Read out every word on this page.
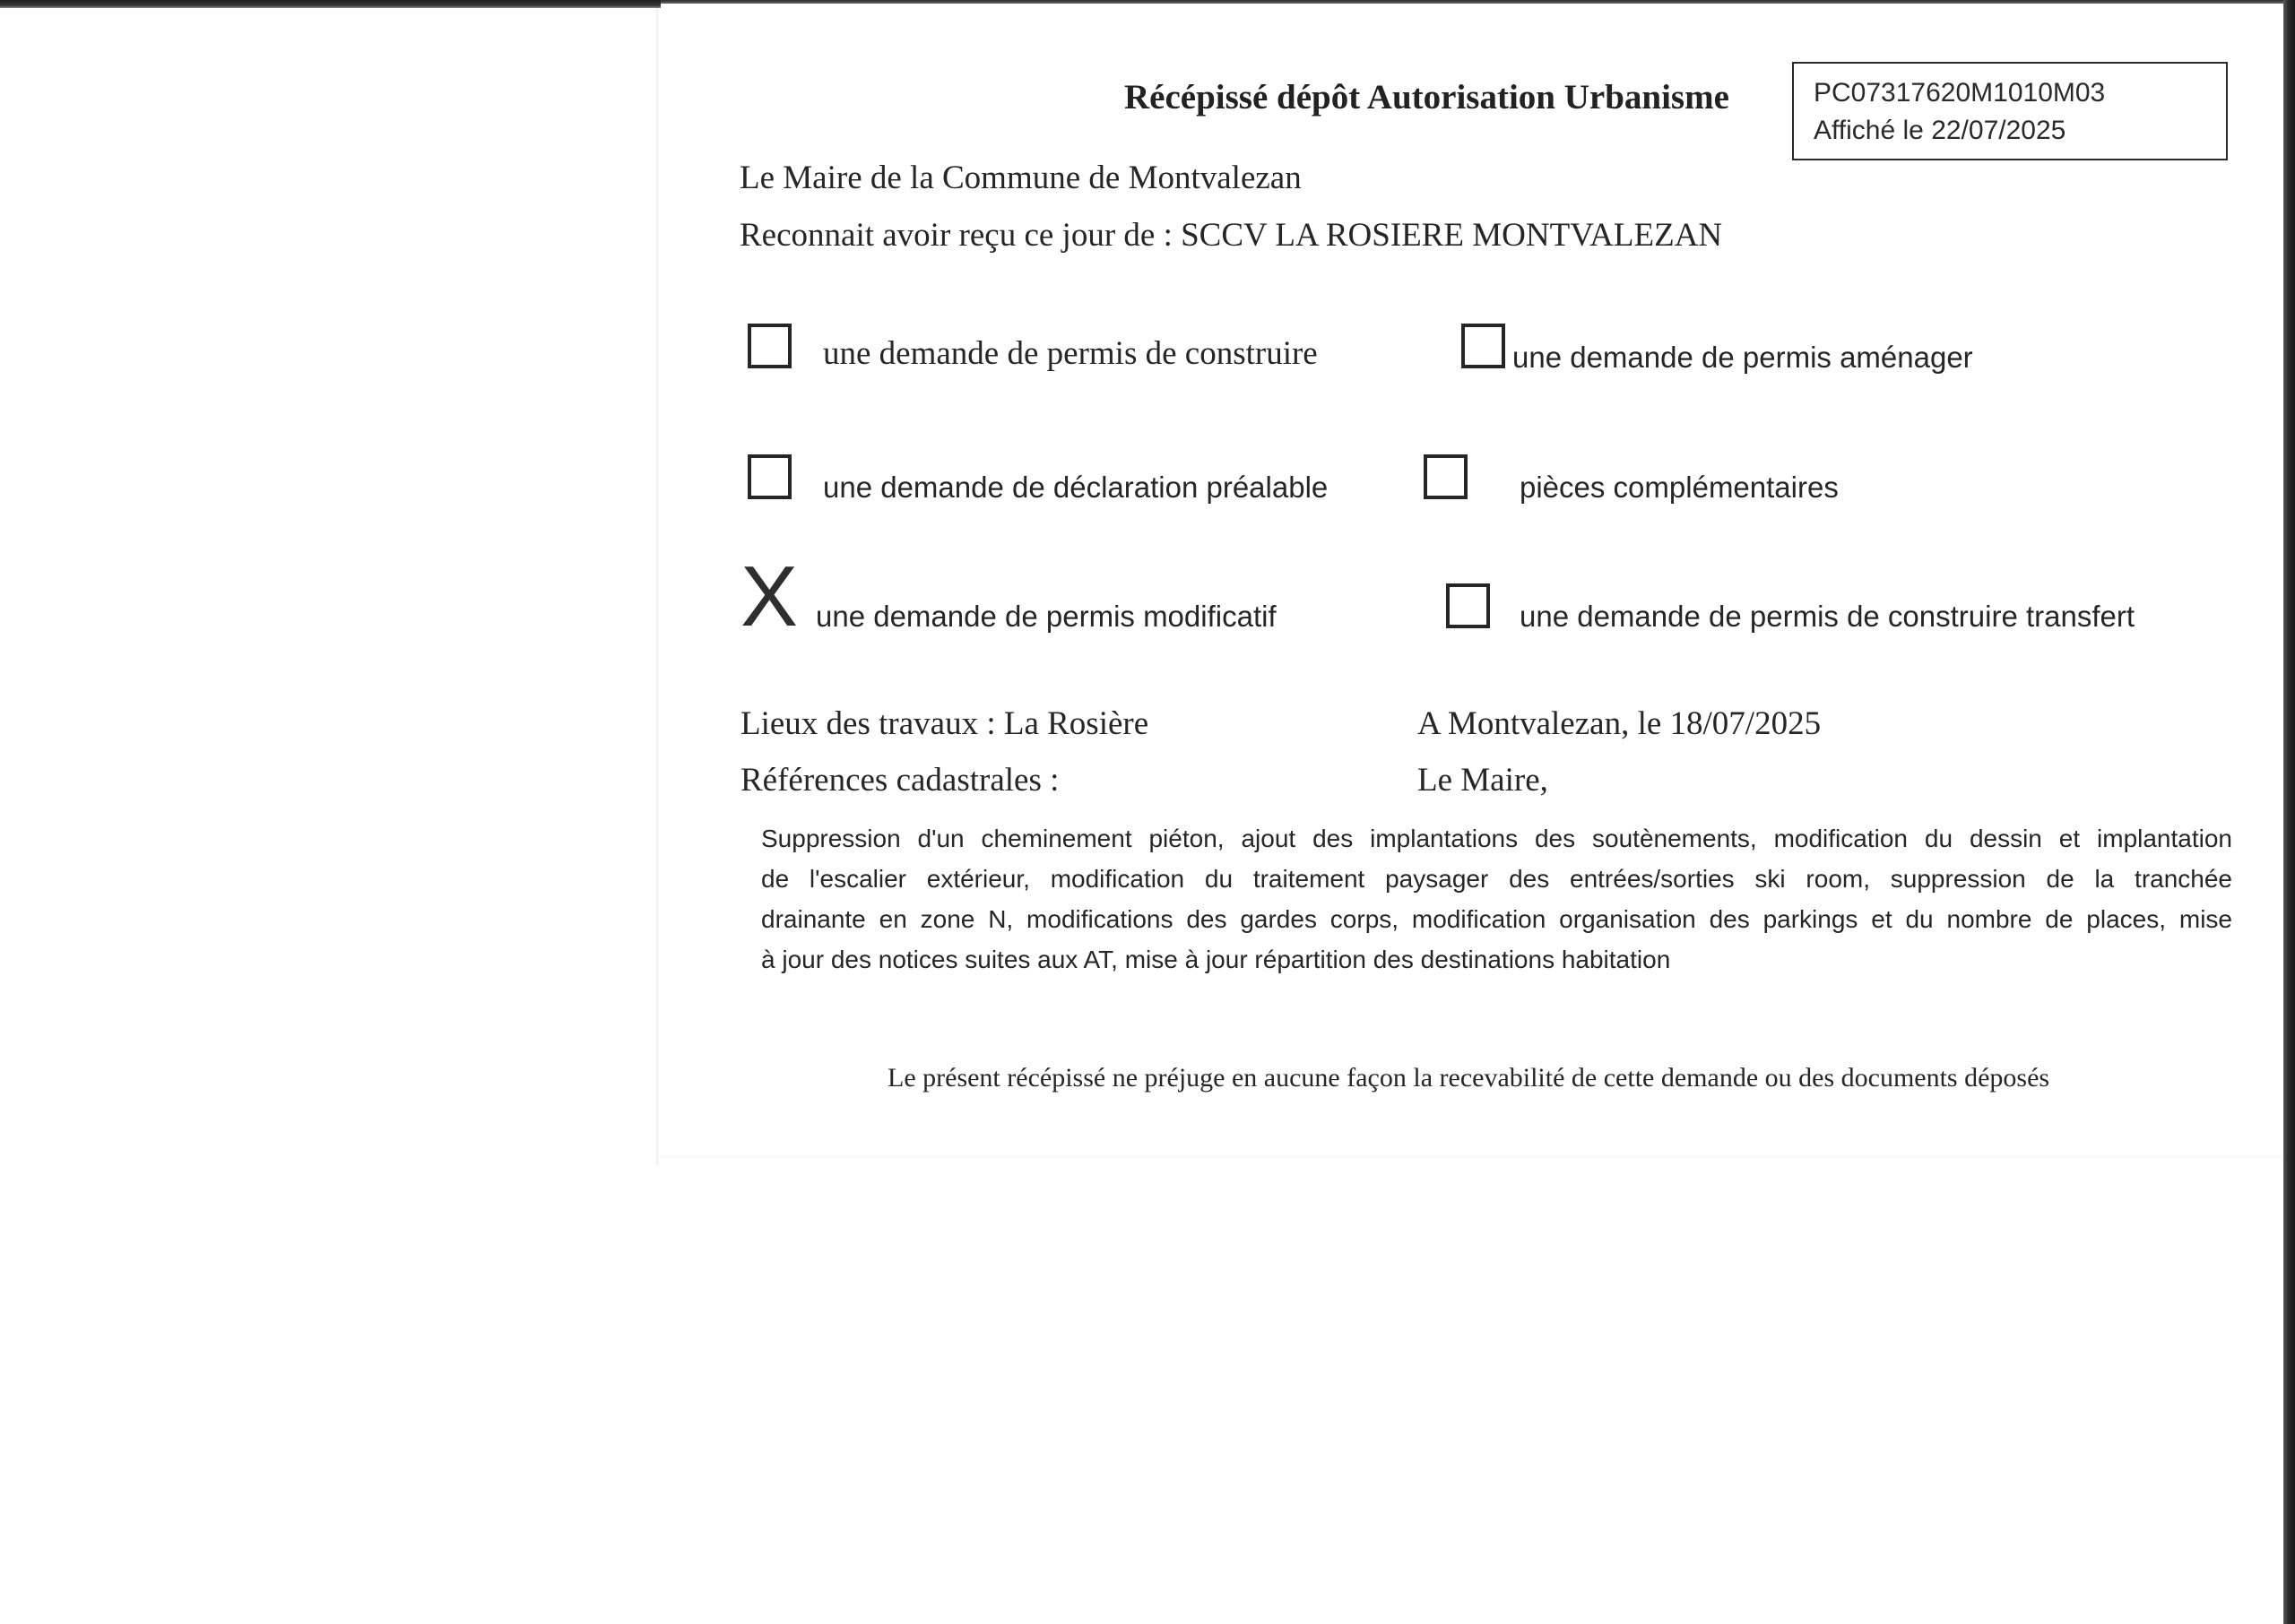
Récépissé dépôt Autorisation Urbanisme	PC07317620M1010M03
Affiché le 22/07/2025

Le Maire de la Commune de Montvalezan

Reconnait avoir reçu ce jour de : SCCV LA ROSIERE MONTVALEZAN

une demande de permis de construire	une demande de permis aménager
une demande de déclaration préalable	pièces complémentaires
X une demande de permis modificatif	une demande de permis de construire transfert

Lieux des travaux : La Rosière	A Montvalezan, le 18/07/2025

Références cadastrales :	Le Maire,

Suppression d'un cheminement piéton, ajout des implantations des soutènements, modification du dessin et implantation
de l'escalier extérieur, modification du traitement paysager des entrées/sorties ski room, suppression de la tranchée
drainante en zone N, modifications des gardes corps, modification organisation des parkings et du nombre de places, mise
à jour des notices suites aux AT, mise à jour répartition des destinations habitation

Le présent récépissé ne préjuge en aucune façon la recevabilité de cette demande ou des documents déposés
